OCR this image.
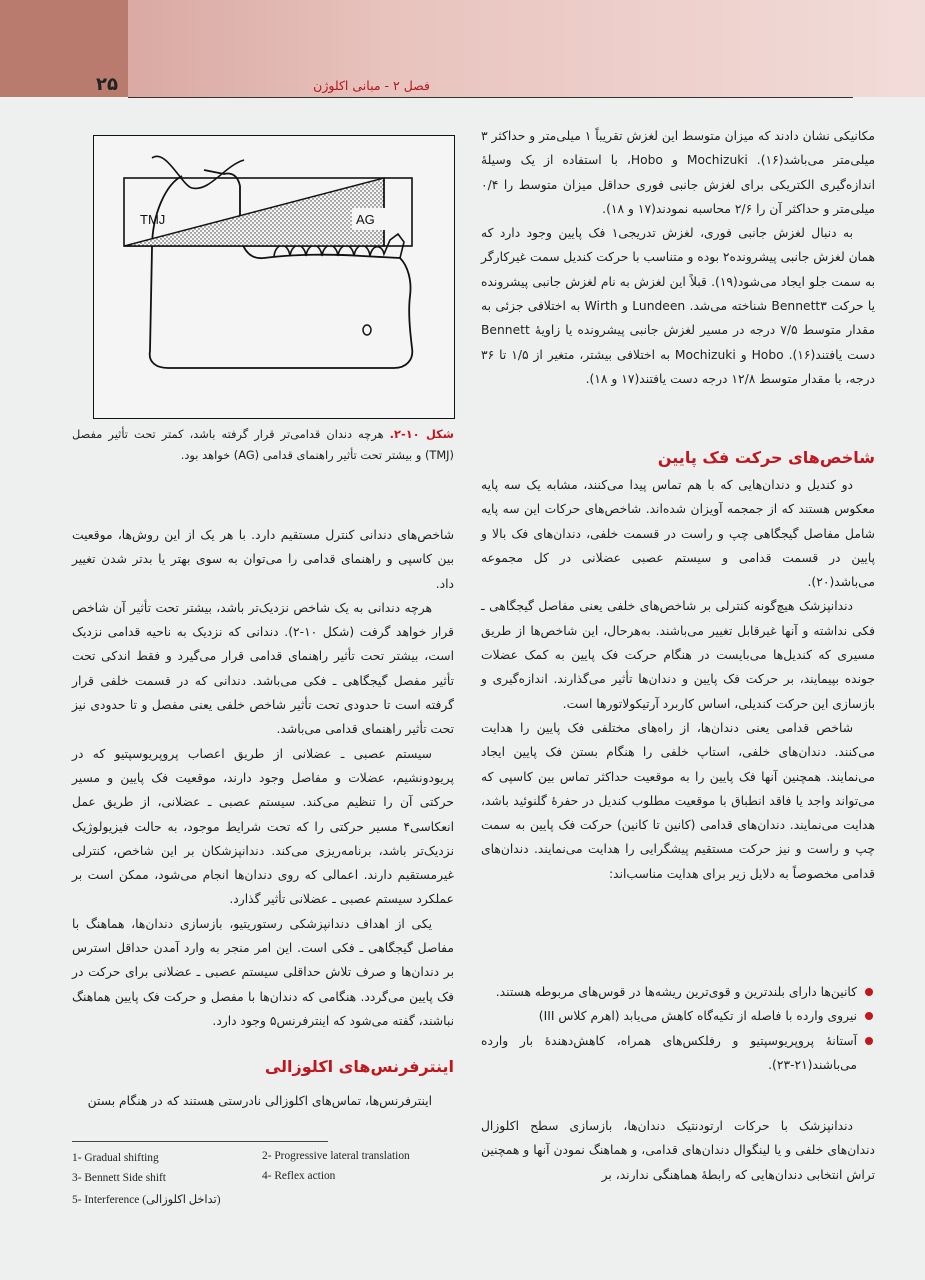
۲۵	فصل ۲ - مبانی اکلوژن

مکانیکی نشان دادند که میزان متوسط این لغزش تقریباً ۱ میلی‌متر و حداکثر ۳ میلی‌متر می‌باشد(۱۶). Mochizuki و Hobo، با استفاده از یک وسیلهٔ اندازه‌گیری الکتریکی برای لغزش جانبی فوری حداقل میزان متوسط را ۰/۴ میلی‌متر و حداکثر آن را ۲/۶ محاسبه نمودند(۱۷ و ۱۸).

به دنبال لغزش جانبی فوری، لغزش تدریجی۱ فک پایین وجود دارد که همان لغزش جانبی پیشرونده۲ بوده و متناسب با حرکت کندیل سمت غیرکارگر به سمت جلو ایجاد می‌شود(۱۹). قبلاً این لغزش به نام لغزش جانبی پیشرونده یا حرکت Bennett۳ شناخته می‌شد. Lundeen و Wirth به اختلافی جزئی به مقدار متوسط ۷/۵ درجه در مسیر لغزش جانبی پیشرونده یا زاویهٔ Bennett دست یافتند(۱۶). Hobo و Mochizuki به اختلافی بیشتر، متغیر از ۱/۵ تا ۳۶ درجه، با مقدار متوسط ۱۲/۸ درجه دست یافتند(۱۷ و ۱۸).

شاخص‌های حرکت فک پایین

دو کندیل و دندان‌هایی که با هم تماس پیدا می‌کنند، مشابه یک سه پایه معکوس هستند که از جمجمه آویزان شده‌اند. شاخص‌های حرکات این سه پایه شامل مفاصل گیجگاهی چپ و راست در قسمت خلفی، دندان‌های فک بالا و پایین در قسمت قدامی و سیستم عصبی عضلانی در کل مجموعه می‌باشد(۲۰).

دندانپزشک هیچ‌گونه کنترلی بر شاخص‌های خلفی یعنی مفاصل گیجگاهی ـ فکی نداشته و آنها غیرقابل تغییر می‌باشند. به‌هرحال، این شاخص‌ها از طریق مسیری که کندیل‌ها می‌بایست در هنگام حرکت فک پایین به کمک عضلات جونده بپیمایند، بر حرکت فک پایین و دندان‌ها تأثیر می‌گذارند. اندازه‌گیری و بازسازی این حرکت کندیلی، اساس کاربرد آرتیکولاتورها است.

شاخص قدامی یعنی دندان‌ها، از راه‌های مختلفی فک پایین را هدایت می‌کنند. دندان‌های خلفی، استاپ خلفی را هنگام بستن فک پایین ایجاد می‌نمایند. همچنین آنها فک پایین را به موقعیت حداکثر تماس بین کاسپی که می‌تواند واجد یا فاقد انطباق با موقعیت مطلوب کندیل در حفرهٔ گلنوئید باشد، هدایت می‌نمایند. دندان‌های قدامی (کانین تا کانین) حرکت فک پایین به سمت چپ و راست و نیز حرکت مستقیم پیشگرایی را هدایت می‌نمایند. دندان‌های قدامی مخصوصاً به دلایل زیر برای هدایت مناسب‌اند:

کانین‌ها دارای بلندترین و قوی‌ترین ریشه‌ها در قوس‌های مربوطه هستند.
نیروی وارده با فاصله از تکیه‌گاه کاهش می‌یابد (اهرم کلاس III)
آستانهٔ پروپریوسپتیو و رفلکس‌های همراه، کاهش‌دهندهٔ بار وارده می‌باشند(۲۱-۲۳).

دندانپزشک با حرکات ارتودنتیک دندان‌ها، بازسازی سطح اکلوزال دندان‌های خلفی و یا لینگوال دندان‌های قدامی، و هماهنگ نمودن آنها و همچنین تراش انتخابی دندان‌هایی که رابطهٔ هماهنگی ندارند، بر

TMJ	AG
شکل ۱۰-۲. هرچه دندان قدامی‌تر قرار گرفته باشد، کمتر تحت تأثیر مفصل (TMJ) و بیشتر تحت تأثیر راهنمای قدامی (AG) خواهد بود.

شاخص‌های دندانی کنترل مستقیم دارد. با هر یک از این روش‌ها، موقعیت بین کاسپی و راهنمای قدامی را می‌توان به سوی بهتر یا بدتر شدن تغییر داد.

هرچه دندانی به یک شاخص نزدیک‌تر باشد، بیشتر تحت تأثیر آن شاخص قرار خواهد گرفت (شکل ۱۰-۲). دندانی که نزدیک به ناحیه قدامی نزدیک است، بیشتر تحت تأثیر راهنمای قدامی قرار می‌گیرد و فقط اندکی تحت تأثیر مفصل گیجگاهی ـ فکی می‌باشد. دندانی که در قسمت خلفی قرار گرفته است تا حدودی تحت تأثیر شاخص خلفی یعنی مفصل و تا حدودی نیز تحت تأثیر راهنمای قدامی می‌باشد.

سیستم عصبی ـ عضلانی از طریق اعصاب پروپریوسپتیو که در پریودونشیم، عضلات و مفاصل وجود دارند، موقعیت فک پایین و مسیر حرکتی آن را تنظیم می‌کند. سیستم عصبی ـ عضلانی، از طریق عمل انعکاسی۴ مسیر حرکتی را که تحت شرایط موجود، به حالت فیزیولوژیک نزدیک‌تر باشد، برنامه‌ریزی می‌کند. دندانپزشکان بر این شاخص، کنترلی غیرمستقیم دارند. اعمالی که روی دندان‌ها انجام می‌شود، ممکن است بر عملکرد سیستم عصبی ـ عضلانی تأثیر گذارد.

یکی از اهداف دندانپزشکی رستوریتیو، بازسازی دندان‌ها، هماهنگ با مفاصل گیجگاهی ـ فکی است. این امر منجر به وارد آمدن حداقل استرس بر دندان‌ها و صرف تلاش حداقلی سیستم عصبی ـ عضلانی برای حرکت در فک پایین می‌گردد. هنگامی که دندان‌ها با مفصل و حرکت فک پایین هماهنگ نباشند، گفته می‌شود که اینترفرنس۵ وجود دارد.

اینترفرنس‌های اکلوزالی

اینترفرنس‌ها، تماس‌های اکلوزالی نادرستی هستند که در هنگام بستن

1- Gradual shifting	2- Progressive lateral translation
3- Bennett Side shift	4- Reflex action
5- Interference (تداخل اکلوزالی)
